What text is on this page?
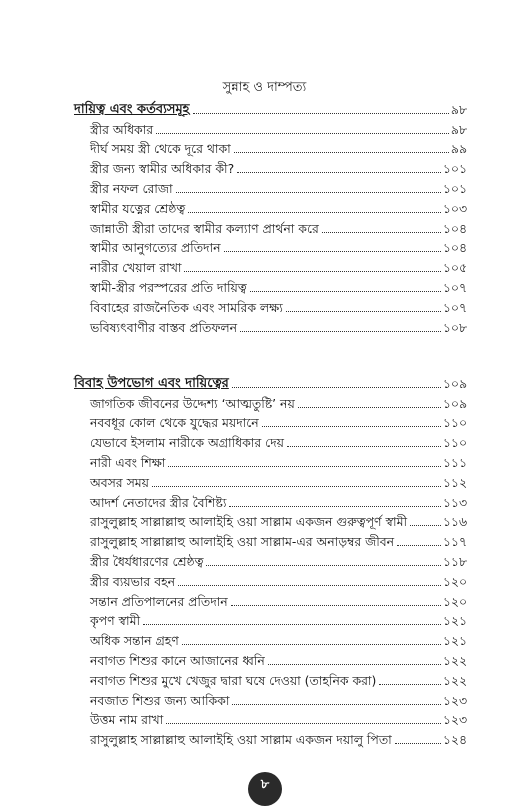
সুন্নাহ ও দাম্পত্য
দায়িত্ব এবং কর্তব্যসমূহ	৯৮
স্ত্রীর অধিকার	৯৮
দীর্ঘ সময় স্ত্রী থেকে দূরে থাকা	৯৯
স্ত্রীর জন্য স্বামীর অধিকার কী?	১০১
স্ত্রীর নফল রোজা	১০১
স্বামীর যত্নের শ্রেষ্ঠত্ব	১০৩
জান্নাতী স্ত্রীরা তাদের স্বামীর কল্যাণ প্রার্থনা করে	১০৪
স্বামীর আনুগত্যের প্রতিদান	১০৪
নারীর খেয়াল রাখা	১০৫
স্বামী-স্ত্রীর পরস্পরের প্রতি দায়িত্ব	১০৭
বিবাহের রাজনৈতিক এবং সামরিক লক্ষ্য	১০৭
ভবিষ্যৎবাণীর বাস্তব প্রতিফলন	১০৮
বিবাহ উপভোগ এবং দায়িত্বের	১০৯
জাগতিক জীবনের উদ্দেশ্য ‘আত্মতুষ্টি’ নয়	১০৯
নববধূর কোল থেকে যুদ্ধের ময়দানে	১১০
যেভাবে ইসলাম নারীকে অগ্রাধিকার দেয়	১১০
নারী এবং শিক্ষা	১১১
অবসর সময়	১১২
আদর্শ নেতাদের স্ত্রীর বৈশিষ্ট্য	১১৩
রাসুলুল্লাহ সাল্লাল্লাহু আলাইহি ওয়া সাল্লাম একজন গুরুত্বপূর্ণ স্বামী	১১৬
রাসুলুল্লাহ সাল্লাল্লাহু আলাইহি ওয়া সাল্লাম-এর অনাড়ম্বর জীবন	১১৭
স্ত্রীর ধৈর্যধারণের শ্রেষ্ঠত্ব	১১৮
স্ত্রীর ব্যয়ভার বহন	১২০
সন্তান প্রতিপালনের প্রতিদান	১২০
কৃপণ স্বামী	১২১
অধিক সন্তান গ্রহণ	১২১
নবাগত শিশুর কানে আজানের ধ্বনি	১২২
নবাগত শিশুর মুখে খেজুর দ্বারা ঘষে দেওয়া (তাহনিক করা)	১২২
নবজাত শিশুর জন্য আকিকা	১২৩
উত্তম নাম রাখা	১২৩
রাসুলুল্লাহ সাল্লাল্লাহু আলাইহি ওয়া সাল্লাম একজন দয়ালু পিতা	১২৪
৮
